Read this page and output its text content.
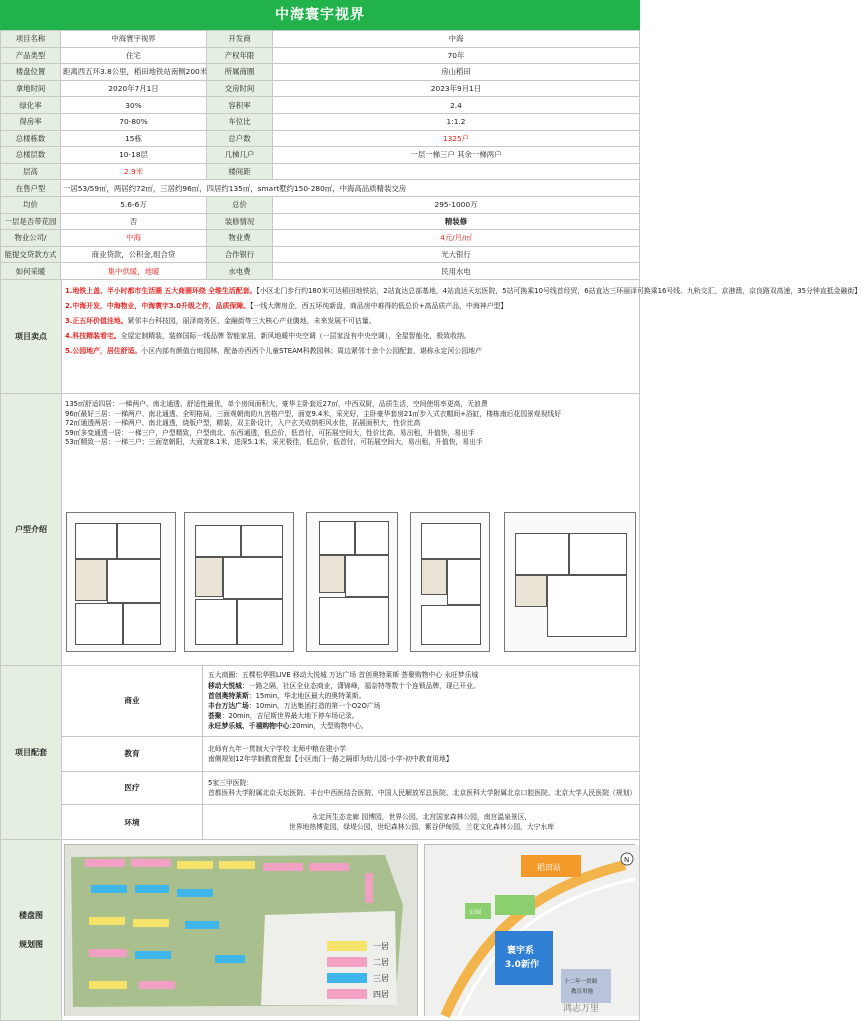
中海寰宇视界
项目名称	中海寰宇视界	开发商	中海
产品类型	住宅	产权年限	70年
楼盘位置	距离西五环3.8公里，稻田地铁站南侧200米	所属商圈	房山稻田
拿地时间	2020年7月1日	交房时间	2023年9月1日
绿化率	30%	容积率	2.4
得房率	70-80%	车位比	1:1.2
总楼栋数	15栋	总户数	1325户
总楼层数	10-18层	几梯几户	一层一梯三户 其余一梯两户
层高	2.9米	楼间距	
在售户型	一居53/59㎡，两居约72㎡，三居约96㎡，四居约135㎡，smart墅约150-280㎡，中海高品质精装交房		
均价	5.6-6万	总价	295-1000万
一层是否带花园	否	装修情况	精装修
物业公司/	中海	物业费	4元/月/㎡
能提交贷款方式	商业贷款，公积金,组合贷	合作银行	光大银行
如何采暖	集中供暖，地暖	水电费	民用水电
项目卖点
1.地铁上盖、半小时都市生活圈 五大商圈环绕 全维生活配套。【小区北门步行约180米可达稻田地铁站，2站直达总部基地，4站直达天坛医院，5站可换乘10号线首经贸，6站直达三环丽泽可换乘16号线、九轨交汇，京港澳，京良路双高速，35分钟直抵金融街】
2.中海开发，中海物业，中海寰宇3.0升级之作，品质保障。【一线大牌房企，西五环纯新盘，商品房中难得的低总价+高品质产品，中海神户型】
3.正五环价值洼地。紧邻丰台科技园，丽泽商务区，金融街等三大核心产业腹地，未来发展不可估量。
4.科技精装看宅。全屋定制精装，装修国际一线品牌 智能家居，新风地暖中央空调（一层家没有中央空调），全屋智能化，极致收纳。
5.公园地产，居住舒适。小区内部有颜值台地园林，配备亦西西个儿童STEAM科教园林；周边紧邻十余个公园配套，堪称永定河公园地产
户型介绍
135㎡舒适四居：一梯两户、南北通透、舒适性最优，单个房间面积大，豪华主卧套近27㎡，中西双厨，品质生活，空间使用率更高，无浪费
96㎡最好三居：一梯两户、南北通透、全明格局，三面观朝南的九宫格户型，面宽9.4米，采光好，主卧豪华套房21㎡步入式衣帽间+浴缸，楼栋南后花园景观视线好
72㎡通透两居：一梯两户、南北通透，烧版户型，精装，双主卧设计，入户玄关收纳柜风水佳，拓展面积大，性价比高
59㎡多变通透一居：一梯三户，户型精致，户型南北、东西通透，低总价，低首付，可拓展空间大，性价比高，易出租，升值快，易出手
53㎡精致一居：一梯三户；三面宽朝阳，大面宽8.1米，进深5.1米，采光极佳，低总价，低首付，可拓展空间大，易出租，升值快，易出手
项目配套
商业
五大商圈：五棵松华熙LIVE 移动大悦城 万达广场 首创奥特莱斯 荟聚购物中心 永旺梦乐城
移动大悦城：一路之隔，社区全业态商业，潇锦峰，福奈特等数十个连锁品牌，现已开业。
首创奥特莱斯：15min，华北地区最大的奥特莱斯。
丰台万达广场：10min，万达集团打造的第一个O2O广场
荟聚：20min，吉尼斯世界最大地下停车场记录。
永旺梦乐城、千禧购物中心:20min，大型购物中心。
教育
北师有九年一贯制大宁学校 北师中粮在建小学
南侧规划12年学制教育配套【小区南门一路之隔即为幼儿园-小学-初中教育用地】
医疗
5家三甲医院：
首都医科大学附属北京天坛医院、丰台中西医结合医院、中国人民解放军总医院、北京医科大学附属北京口腔医院、北京大学人民医院（规划）
环境
永定河生态走廊 园博园，世界公园，北宫国家森林公园，南宫温泉景区，
世界地热博览园，绿堤公园，世纪森林公园，紫谷伊甸园，兰花文化森林公园，大宁水库
楼盘图
规划图	一居
二居
三居
四居
稻田站
寰宇系
3.0新作
十二年一贯制
教育用地
公园
N
鸿志万里
